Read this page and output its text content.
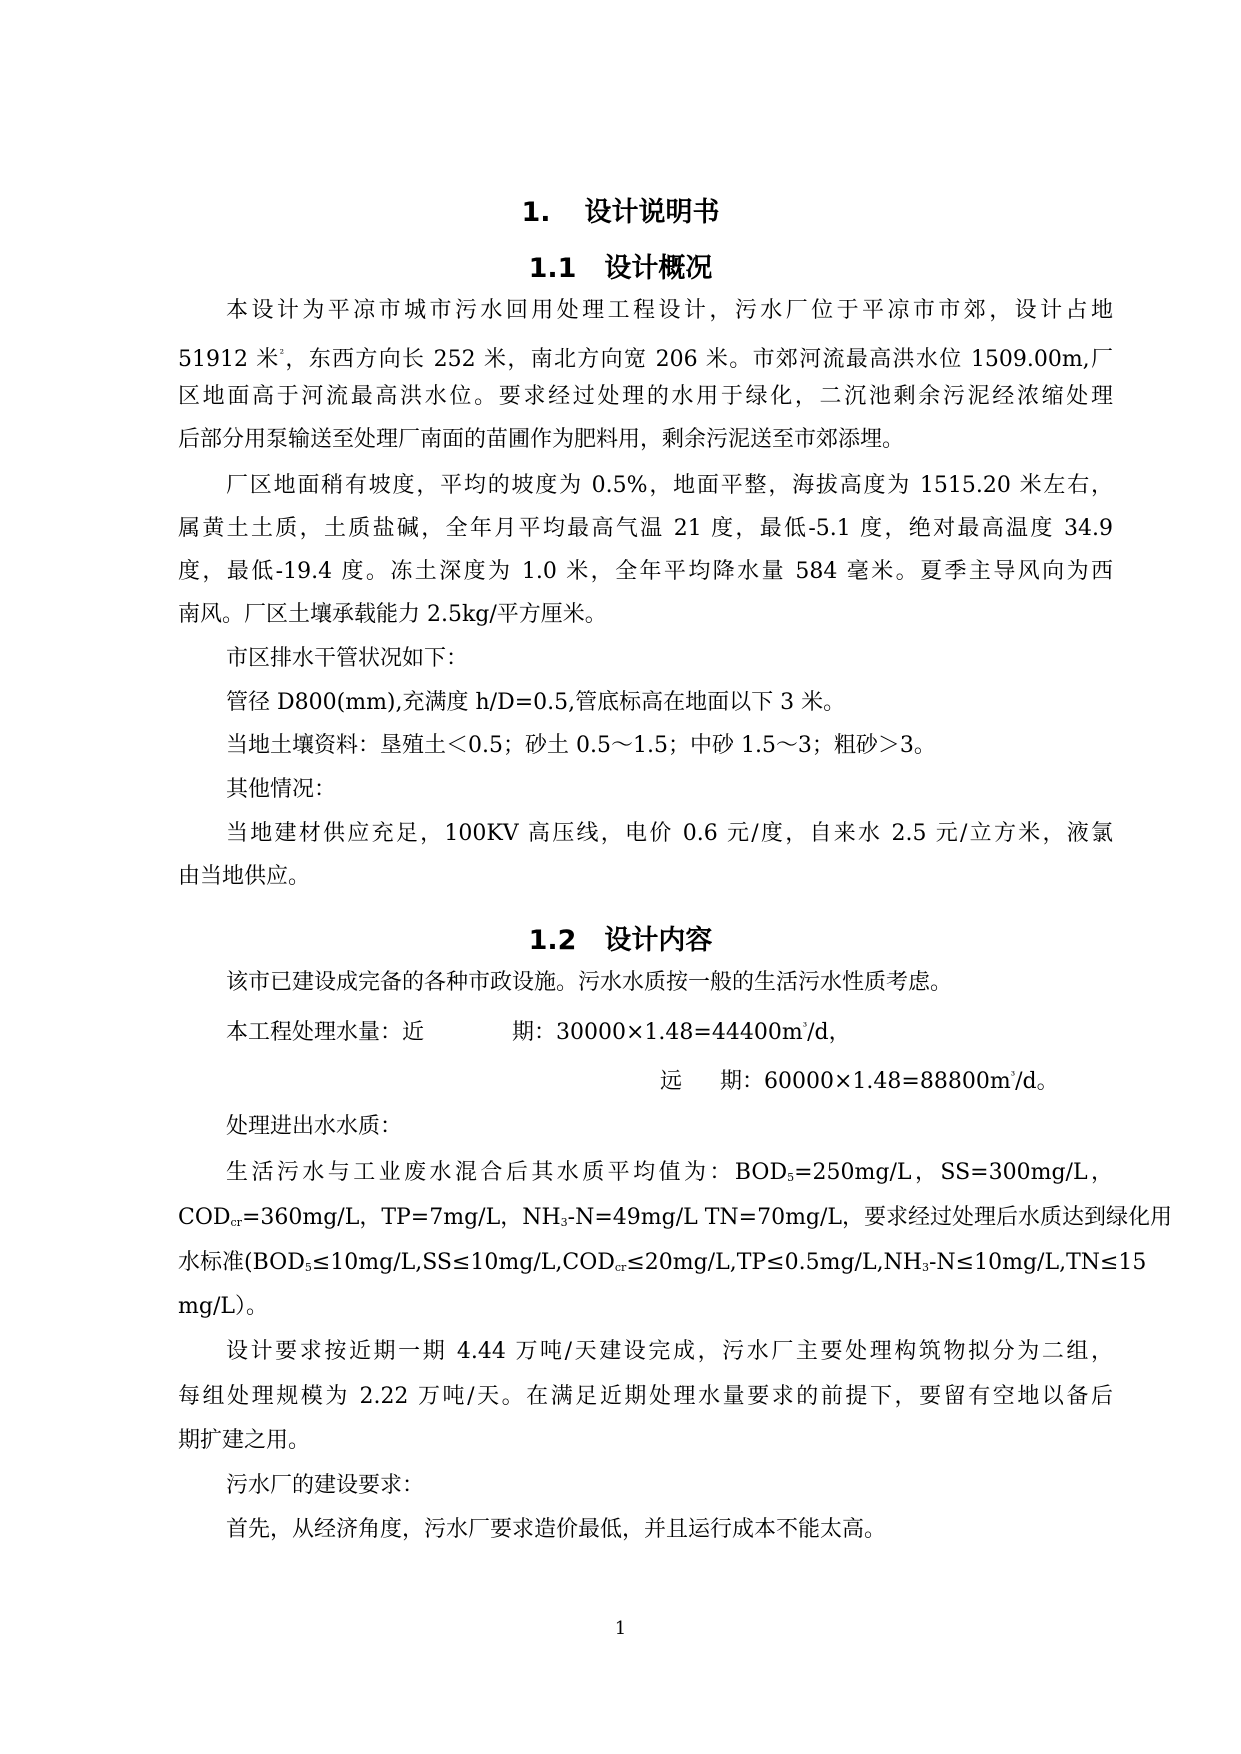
1. 设计说明书
1.1 设计概况
本设计为平凉市城市污水回用处理工程设计，污水厂位于平凉市市郊，设计占地
51912 米$^{^2}$，东西方向长 252 米，南北方向宽 206 米。市郊河流最高洪水位 1509.00m,厂
区地面高于河流最高洪水位。要求经过处理的水用于绿化，二沉池剩余污泥经浓缩处理
后部分用泵输送至处理厂南面的苗圃作为肥料用，剩余污泥送至市郊添埋。
厂区地面稍有坡度，平均的坡度为 0.5%，地面平整，海拔高度为 1515.20 米左右，
属黄土土质，土质盐碱，全年月平均最高气温 21 度，最低-5.1 度，绝对最高温度 34.9
度，最低-19.4 度。冻土深度为 1.0 米，全年平均降水量 584 毫米。夏季主导风向为西
南风。厂区土壤承载能力 2.5kg/平方厘米。
市区排水干管状况如下：
管径 D800(mm),充满度 h/D=0.5,管底标高在地面以下 3 米。
当地土壤资料：垦殖土＜0.5；砂土 0.5～1.5；中砂 1.5～3；粗砂＞3。
其他情况：
当地建材供应充足，100KV 高压线，电价 0.6 元/度，自来水 2.5 元/立方米，液氯
由当地供应。
1.2 设计内容
该市已建设成完备的各种市政设施。污水水质按一般的生活污水性质考虑。
本工程处理水量：近	期：$30000\times 1.48=44400m^{^3}/d$，
远 期：$60000\times 1.48=88800m^{^3}/d$。
处理进出水水质：
生活污水与工业废水混合后其水质平均值为：$BOD_5=250mg/L$，SS=300mg/L，
$COD_{cr}=360mg/L$，TP=7mg/L，$NH_3-N=49mg/L$ TN=70mg/L，要求经过处理后水质达到绿化用
水标准($BOD_5\le 10mg/L,SS\le 10mg/L,COD_{cr}\le 20mg/L,TP\le 0.5mg/L,NH_3-N\le 10mg/L,TN\le 15$
mg/L）。
设计要求按近期一期 4.44 万吨/天建设完成，污水厂主要处理构筑物拟分为二组，
每组处理规模为 2.22 万吨/天。在满足近期处理水量要求的前提下，要留有空地以备后
期扩建之用。
污水厂的建设要求：
首先，从经济角度，污水厂要求造价最低，并且运行成本不能太高。
1
